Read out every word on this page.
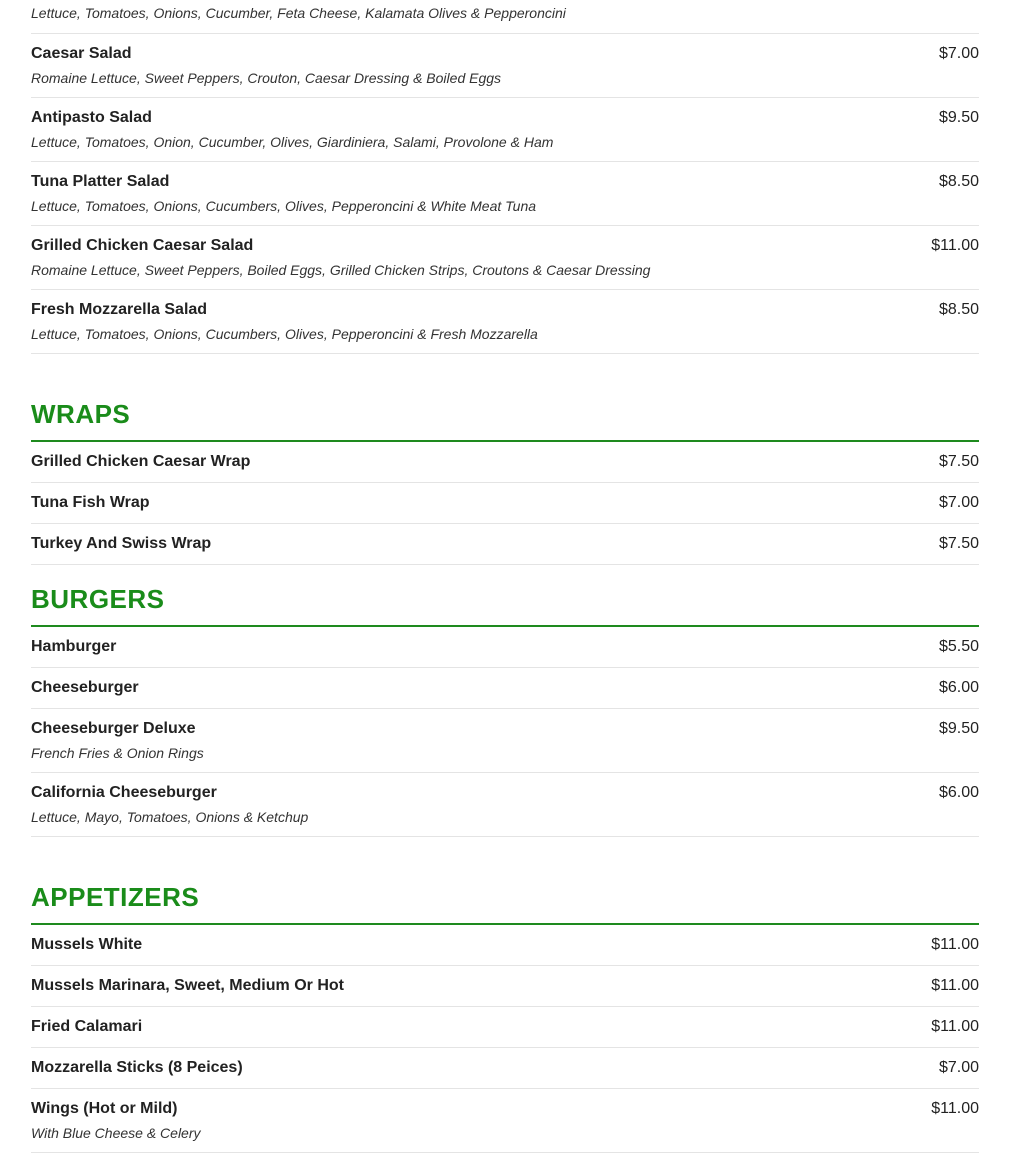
Lettuce, Tomatoes, Onions, Cucumber, Feta Cheese, Kalamata Olives & Pepperoncini
Caesar Salad	$7.00
Romaine Lettuce, Sweet Peppers, Crouton, Caesar Dressing & Boiled Eggs
Antipasto Salad	$9.50
Lettuce, Tomatoes, Onion, Cucumber, Olives, Giardiniera, Salami, Provolone & Ham
Tuna Platter Salad	$8.50
Lettuce, Tomatoes, Onions, Cucumbers, Olives, Pepperoncini & White Meat Tuna
Grilled Chicken Caesar Salad	$11.00
Romaine Lettuce, Sweet Peppers, Boiled Eggs, Grilled Chicken Strips, Croutons & Caesar Dressing
Fresh Mozzarella Salad	$8.50
Lettuce, Tomatoes, Onions, Cucumbers, Olives, Pepperoncini & Fresh Mozzarella
WRAPS
Grilled Chicken Caesar Wrap	$7.50
Tuna Fish Wrap	$7.00
Turkey And Swiss Wrap	$7.50
BURGERS
Hamburger	$5.50
Cheeseburger	$6.00
Cheeseburger Deluxe	$9.50
French Fries & Onion Rings
California Cheeseburger	$6.00
Lettuce, Mayo, Tomatoes, Onions & Ketchup
APPETIZERS
Mussels White	$11.00
Mussels Marinara, Sweet, Medium Or Hot	$11.00
Fried Calamari	$11.00
Mozzarella Sticks (8 Peices)	$7.00
Wings (Hot or Mild)	$11.00
With Blue Cheese & Celery
